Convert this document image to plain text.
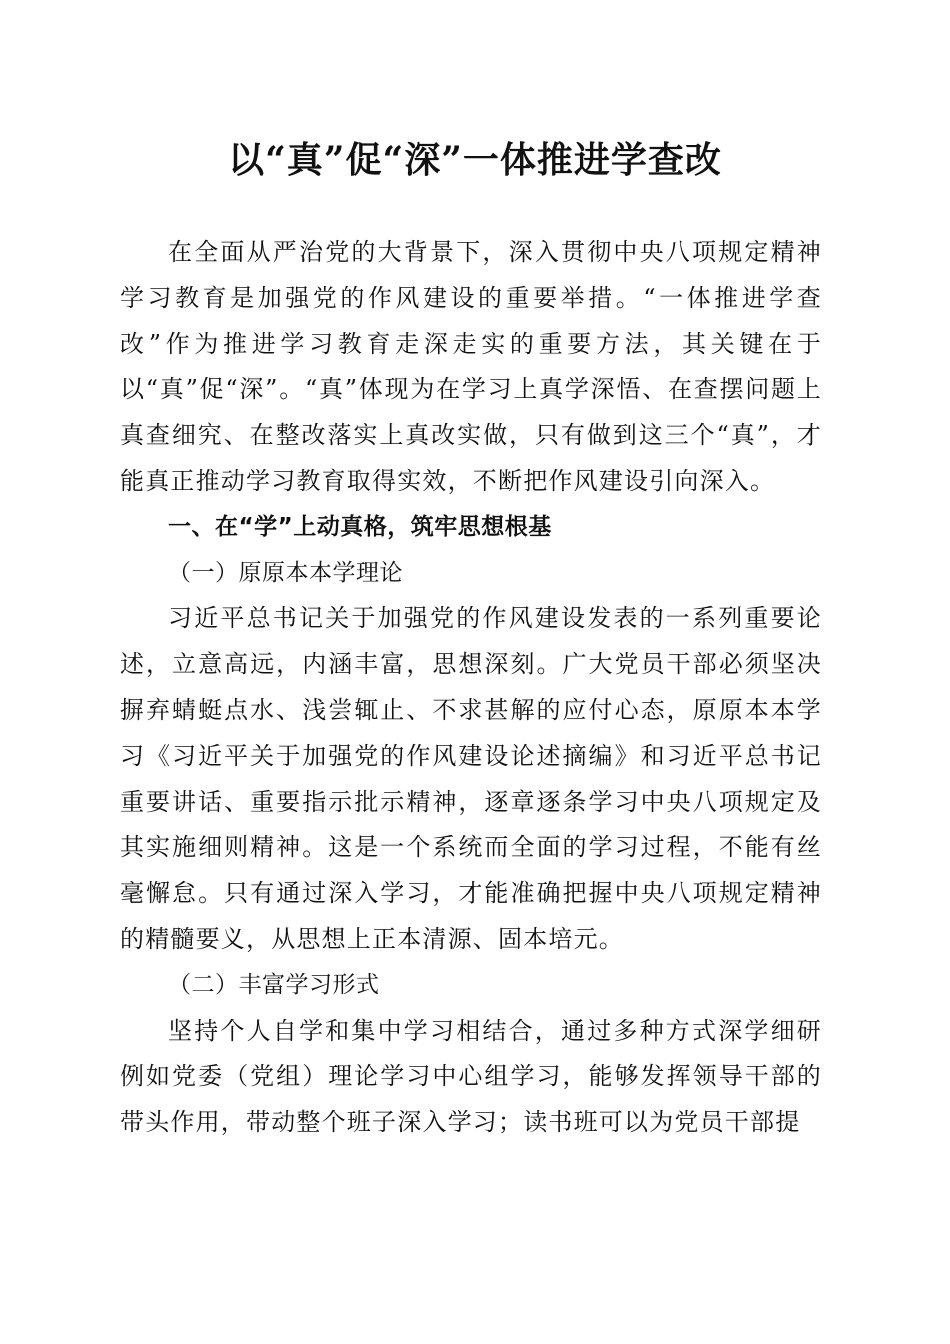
以“真”促“深”一体推进学查改

在全面从严治党的大背景下，深入贯彻中央八项规定精神学习教育是加强党的作风建设的重要举措。“一体推进学查改”作为推进学习教育走深走实的重要方法，其关键在于以“真”促“深”。“真”体现为在学习上真学深悟、在查摆问题上真查细究、在整改落实上真改实做，只有做到这三个“真”，才能真正推动学习教育取得实效，不断把作风建设引向深入。

一、在“学”上动真格，筑牢思想根基

（一）原原本本学理论

习近平总书记关于加强党的作风建设发表的一系列重要论述，立意高远，内涵丰富，思想深刻。广大党员干部必须坚决摒弃蜻蜓点水、浅尝辄止、不求甚解的应付心态，原原本本学习《习近平关于加强党的作风建设论述摘编》和习近平总书记重要讲话、重要指示批示精神，逐章逐条学习中央八项规定及其实施细则精神。这是一个系统而全面的学习过程，不能有丝毫懈怠。只有通过深入学习，才能准确把握中央八项规定精神的精髓要义，从思想上正本清源、固本培元。

（二）丰富学习形式

坚持个人自学和集中学习相结合，通过多种方式深学细研例如党委（党组）理论学习中心组学习，能够发挥领导干部的带头作用，带动整个班子深入学习；读书班可以为党员干部提
